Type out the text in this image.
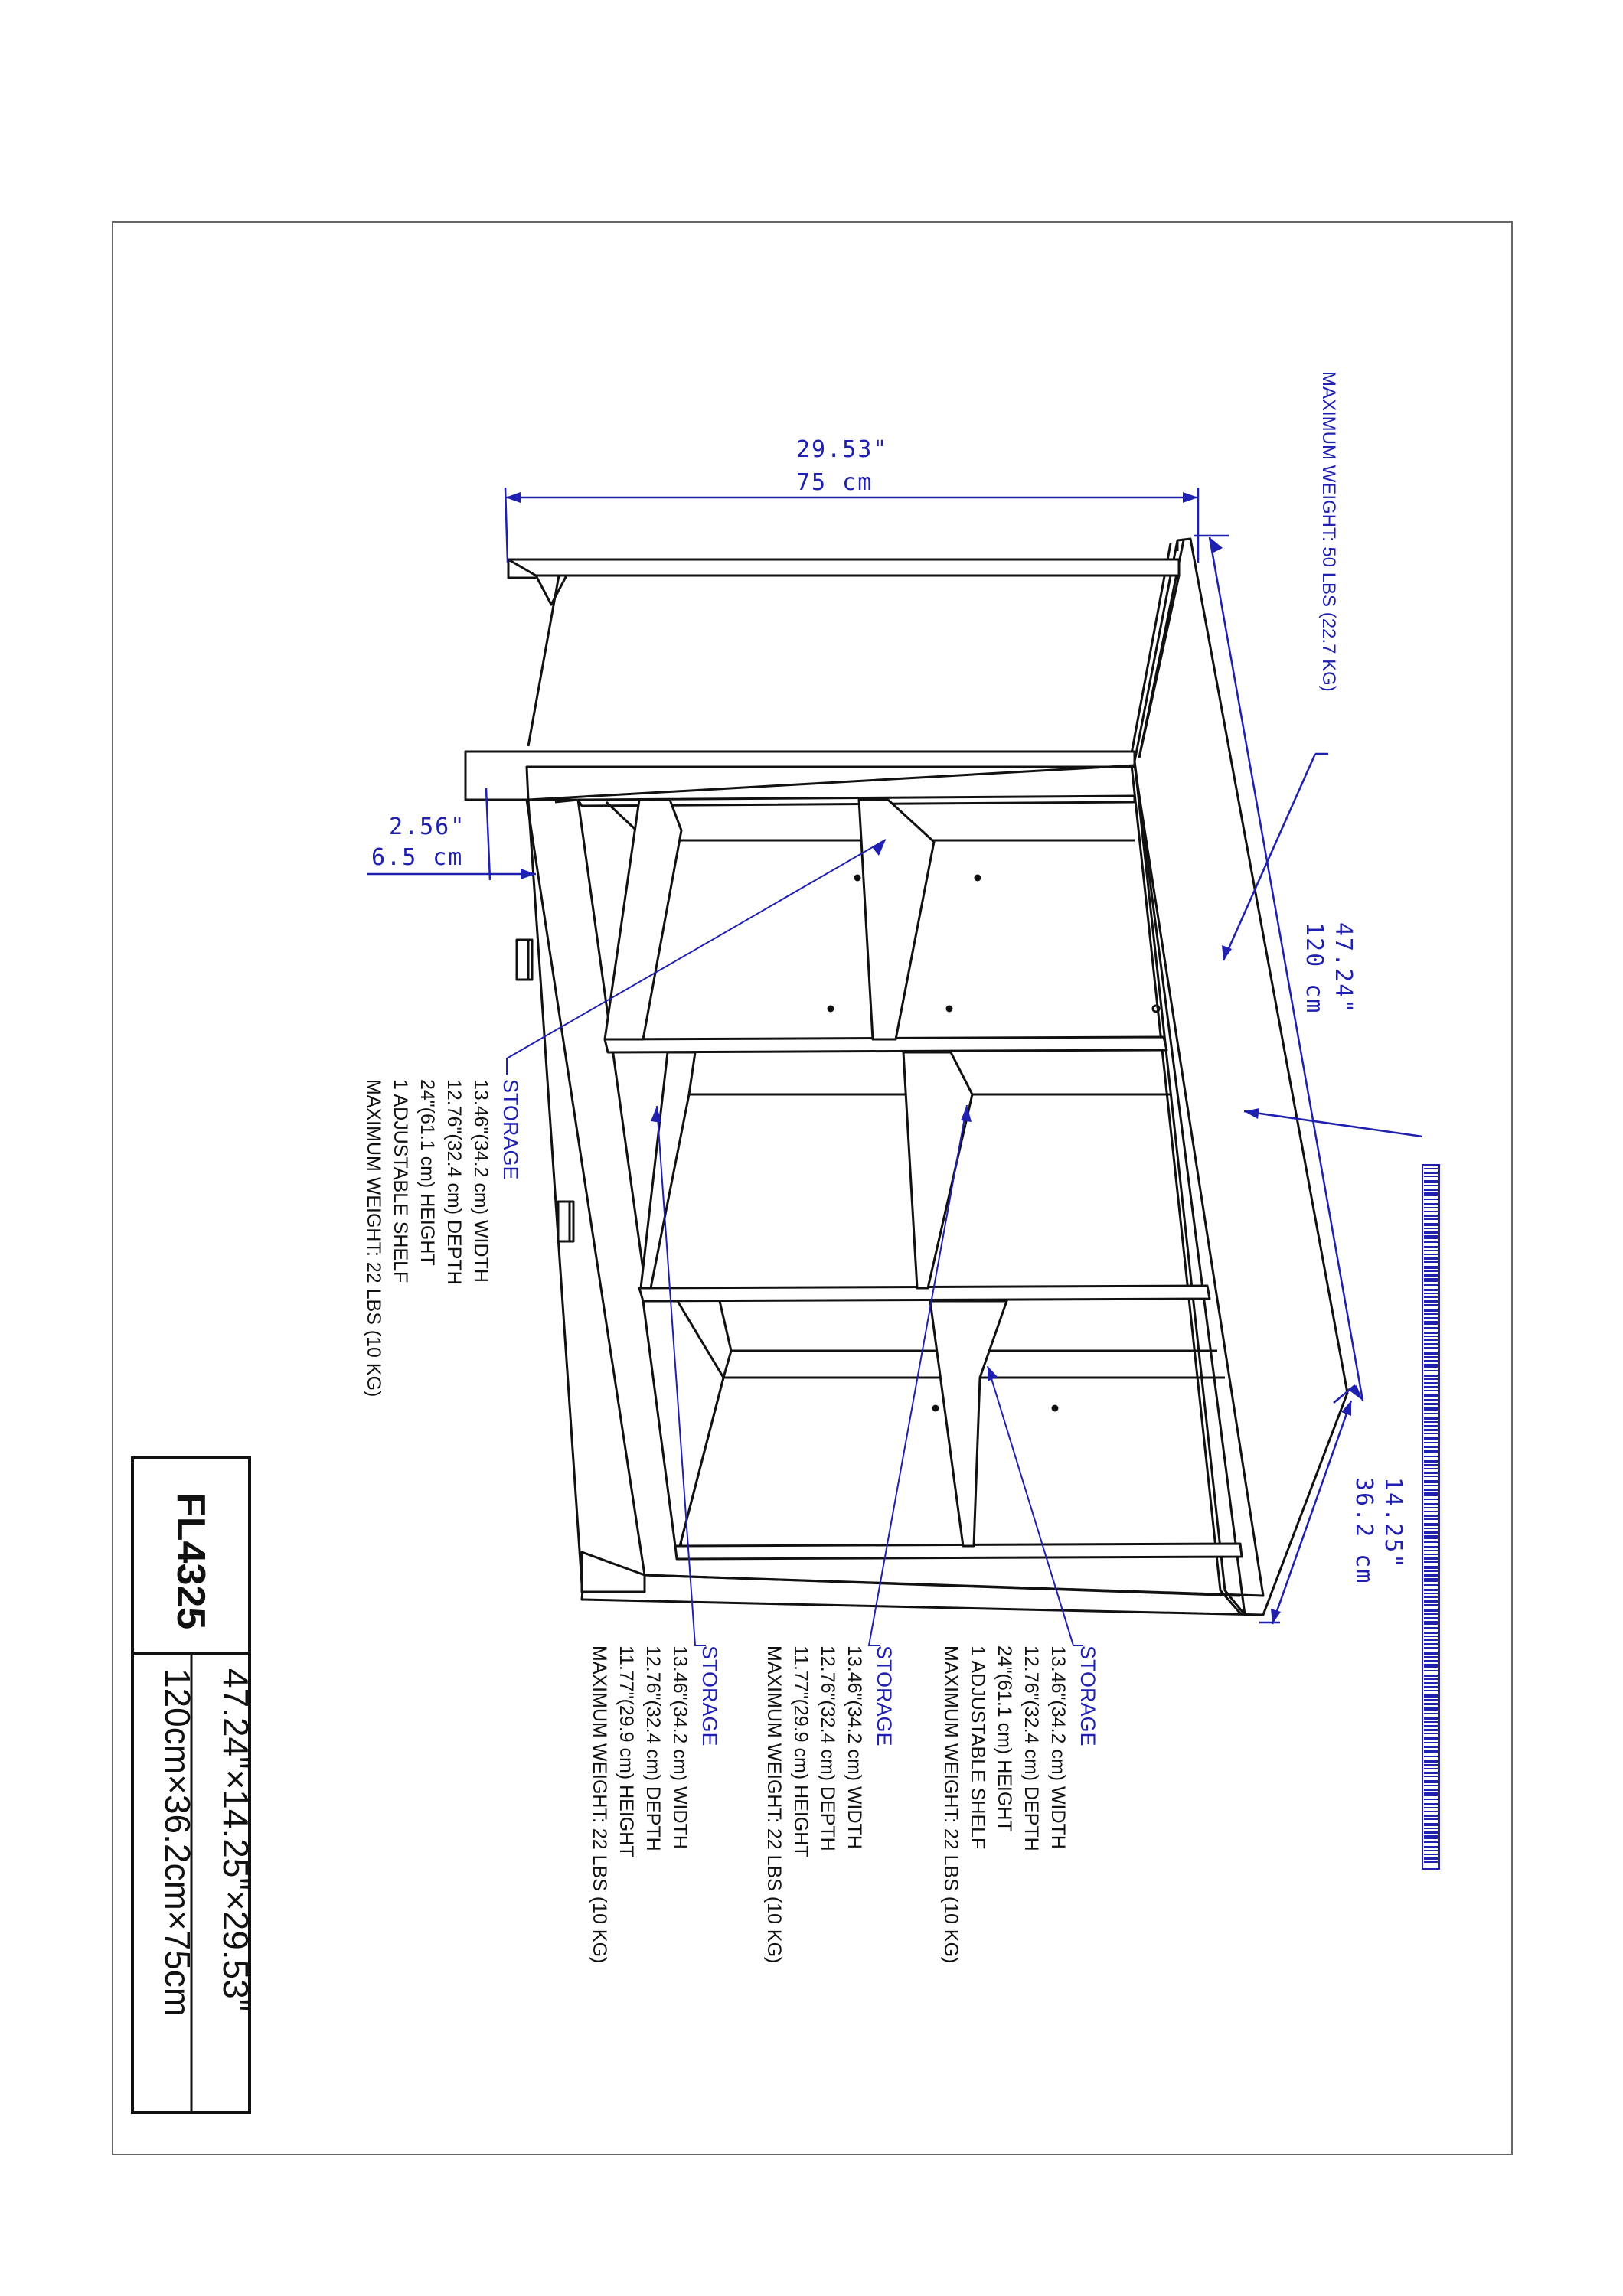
29.53"
75 cm
2.56"
6.5 cm
47.24"
120 cm
14.25"
36.2 cm
MAXIMUM WEIGHT: 50 LBS (22.7 KG)
STORAGE
13.46"(34.2 cm) WIDTH
12.76"(32.4 cm) DEPTH
24"(61.1 cm) HEIGHT
1 ADJUSTABLE SHELF
MAXIMUM WEIGHT: 22 LBS (10 KG)
STORAGE
13.46"(34.2 cm) WIDTH
12.76"(32.4 cm) DEPTH
24"(61.1 cm) HEIGHT
1 ADJUSTABLE SHELF
MAXIMUM WEIGHT: 22 LBS (10 KG)
STORAGE
13.46"(34.2 cm) WIDTH
12.76"(32.4 cm) DEPTH
11.77"(29.9 cm) HEIGHT
MAXIMUM WEIGHT: 22 LBS (10 KG)
STORAGE
13.46"(34.2 cm) WIDTH
12.76"(32.4 cm) DEPTH
11.77"(29.9 cm) HEIGHT
MAXIMUM WEIGHT: 22 LBS (10 KG)
FL4325
47.24"×14.25"×29.53"
120cm×36.2cm×75cm
